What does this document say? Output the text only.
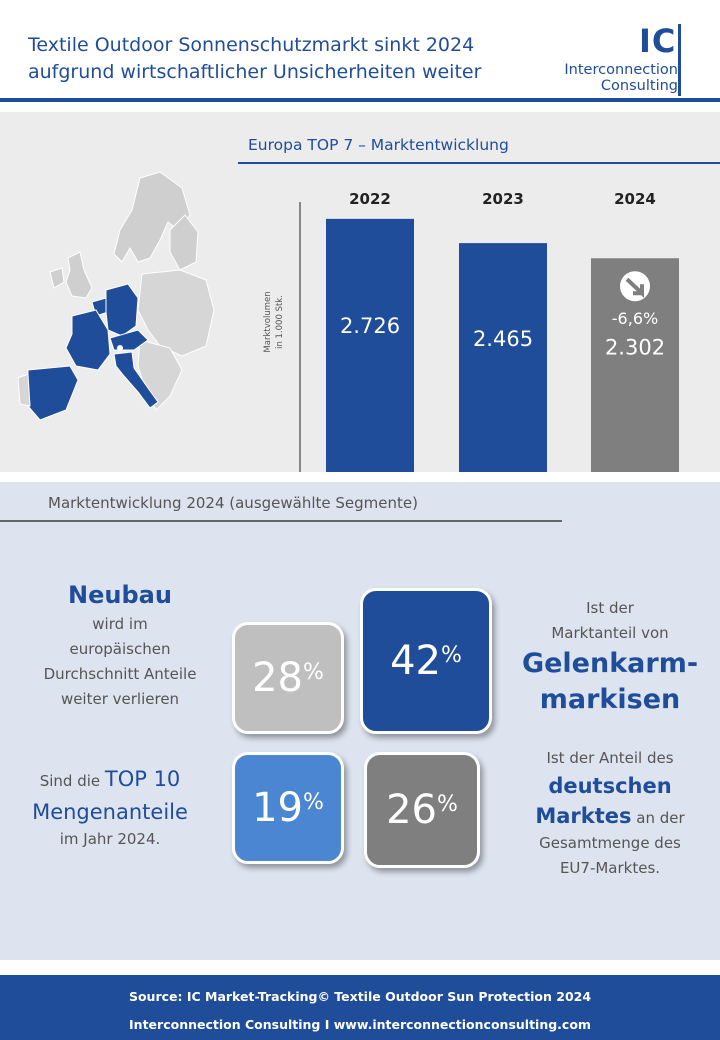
Textile Outdoor Sonnenschutzmarkt sinkt 2024
aufgrund wirtschaftlicher Unsicherheiten weiter
IC
Interconnection
Consulting
Europa TOP 7 – Marktentwicklung
Marktvolumen in 1.000 Stk.
2022
2.726
2023
2.465
2024
2.302
-6,6%
Marktentwicklung 2024 (ausgewählte Segmente)
Neubau
wird im
europäischen
Durchschnitt Anteile
weiter verlieren
Sind die TOP 10
Mengenanteile
im Jahr 2024.
28 % 42 %
19 % 26 %
Ist der
Marktanteil von
Gelenkarm-
markisen
Ist der Anteil des
deutschen
Marktes an der
Gesamtmenge des
EU7-Marktes.
Source: IC Market-Tracking© Textile Outdoor Sun Protection 2024
Interconnection Consulting I www.interconnectionconsulting.com
